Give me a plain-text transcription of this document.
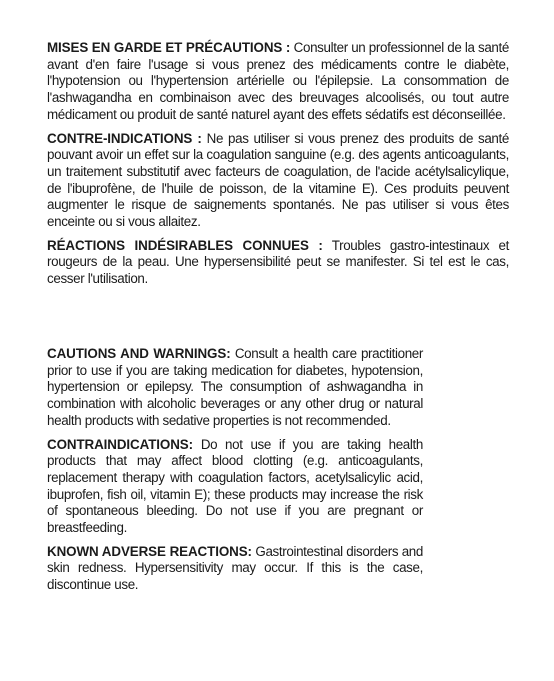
MISES EN GARDE ET PRÉCAUTIONS : Consulter un professionnel de la santé avant d'en faire l'usage si vous prenez des médicaments contre le diabète, l'hypotension ou l'hypertension artérielle ou l'épilepsie. La consommation de l'ashwagandha en combinaison avec des breuvages alcoolisés, ou tout autre médicament ou produit de santé naturel ayant des effets sédatifs est déconseillée.

CONTRE-INDICATIONS : Ne pas utiliser si vous prenez des produits de santé pouvant avoir un effet sur la coagulation sanguine (e.g. des agents anticoagulants, un traitement substitutif avec facteurs de coagulation, de l'acide acétylsalicylique, de l'ibuprofène, de l'huile de poisson, de la vitamine E). Ces produits peuvent augmenter le risque de saignements spontanés. Ne pas utiliser si vous êtes enceinte ou si vous allaitez.

RÉACTIONS INDÉSIRABLES CONNUES : Troubles gastro-intestinaux et rougeurs de la peau. Une hypersensibilité peut se manifester. Si tel est le cas, cesser l'utilisation.

CAUTIONS AND WARNINGS: Consult a health care practitioner prior to use if you are taking medication for diabetes, hypotension, hypertension or epilepsy. The consumption of ashwagandha in combination with alcoholic beverages or any other drug or natural health products with sedative properties is not recommended.

CONTRAINDICATIONS: Do not use if you are taking health products that may affect blood clotting (e.g. anticoagulants, replacement therapy with coagulation factors, acetylsalicylic acid, ibuprofen, fish oil, vitamin E); these products may increase the risk of spontaneous bleeding. Do not use if you are pregnant or breastfeeding.

KNOWN ADVERSE REACTIONS: Gastrointestinal disorders and skin redness. Hypersensitivity may occur. If this is the case, discontinue use.
